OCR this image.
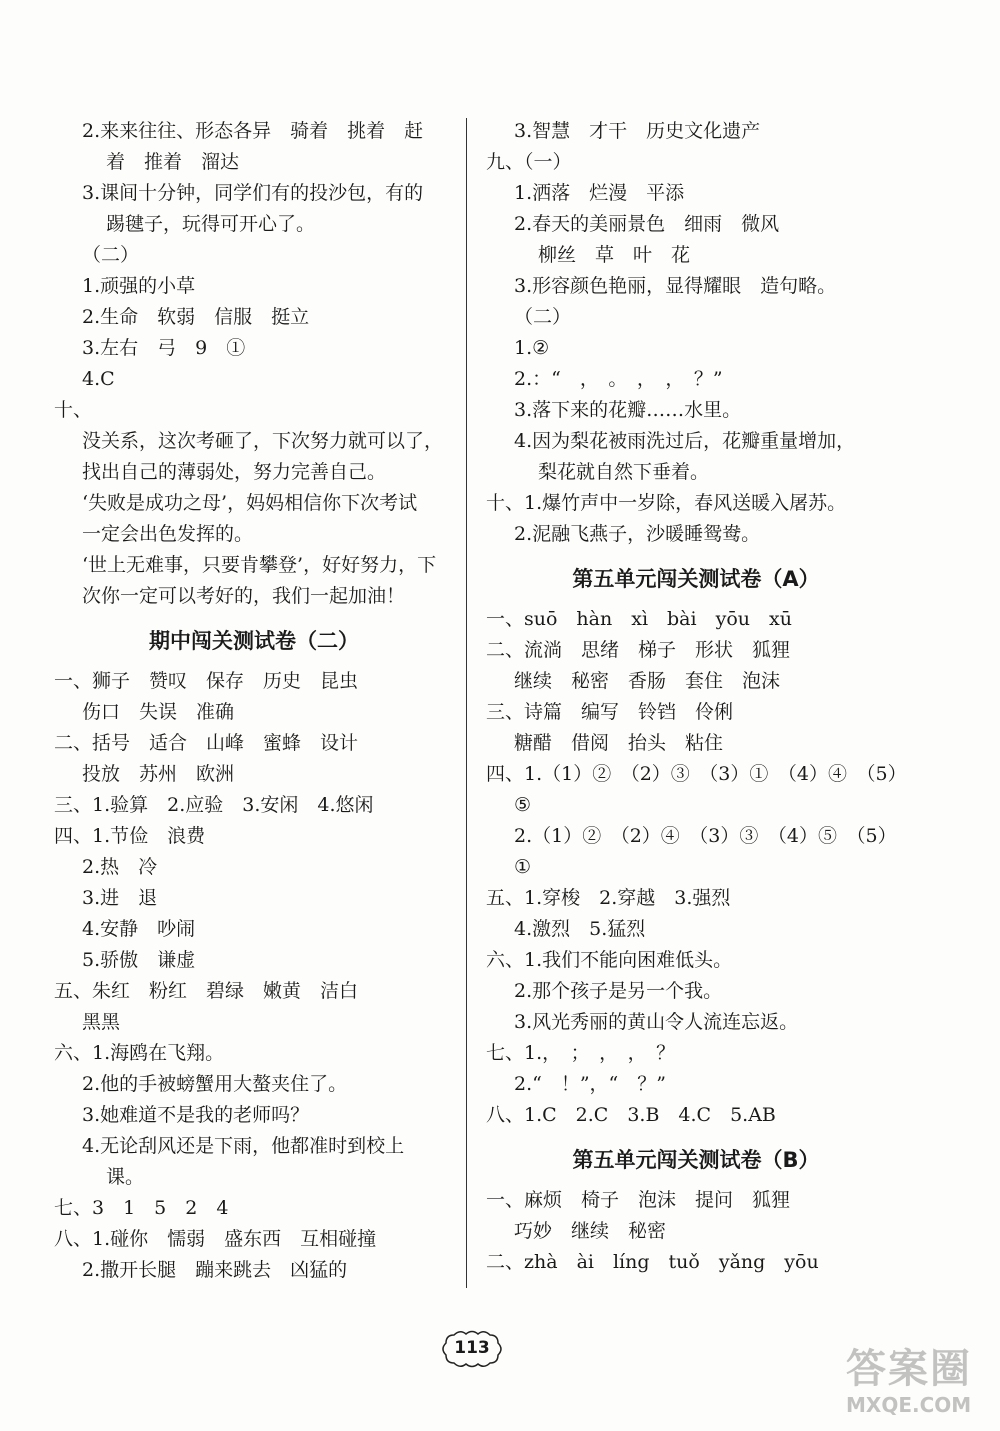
2.来来往往、形态各异　骑着　挑着　赶
着　推着　溜达
3.课间十分钟，同学们有的投沙包，有的
踢毽子，玩得可开心了。
（二）
1.顽强的小草
2.生命　软弱　信服　挺立
3.左右　弓　9　①
4.C
十、
没关系，这次考砸了，下次努力就可以了，
找出自己的薄弱处，努力完善自己。
‘失败是成功之母’，妈妈相信你下次考试
一定会出色发挥的。
‘世上无难事，只要肯攀登’，好好努力，下
次你一定可以考好的，我们一起加油！
期中闯关测试卷（二）
一、狮子　赞叹　保存　历史　昆虫
伤口　失误　准确
二、括号　适合　山峰　蜜蜂　设计
投放　苏州　欧洲
三、1.验算　2.应验　3.安闲　4.悠闲
四、1.节俭　浪费
2.热　冷
3.进　退
4.安静　吵闹
5.骄傲　谦虚
五、朱红　粉红　碧绿　嫩黄　洁白
黑黑
六、1.海鸥在飞翔。
2.他的手被螃蟹用大螯夹住了。
3.她难道不是我的老师吗？
4.无论刮风还是下雨，他都准时到校上
课。
七、3　1　5　2　4
八、1.碰你　懦弱　盛东西　互相碰撞
2.撒开长腿　蹦来跳去　凶猛的
3.智慧　才干　历史文化遗产
九、（一）
1.洒落　烂漫　平添
2.春天的美丽景色　细雨　微风
柳丝　草　叶　花
3.形容颜色艳丽，显得耀眼　造句略。
（二）
1.②
2.：“　，　。　，　，　？”
3.落下来的花瓣……水里。
4.因为梨花被雨洗过后，花瓣重量增加，
梨花就自然下垂着。
十、1.爆竹声中一岁除，春风送暖入屠苏。
2.泥融飞燕子，沙暖睡鸳鸯。
第五单元闯关测试卷（A）
一、suō　hàn　xì　bài　yōu　xū
二、流淌　思绪　梯子　形状　狐狸
继续　秘密　香肠　套住　泡沫
三、诗篇　编写　铃铛　伶俐
糖醋　借阅　抬头　粘住
四、1.（1）②　（2）③　（3）①　（4）④　（5）
⑤
2.（1）②　（2）④　（3）③　（4）⑤　（5）
①
五、1.穿梭　2.穿越　3.强烈
4.激烈　5.猛烈
六、1.我们不能向困难低头。
2.那个孩子是另一个我。
3.风光秀丽的黄山令人流连忘返。
七、1.，　；　，　，　？
2.“　！”，“　？”
八、1.C　2.C　3.B　4.C　5.AB
第五单元闯关测试卷（B）
一、麻烦　椅子　泡沫　提问　狐狸
巧妙　继续　秘密
二、zhà　ài　líng　tuǒ　yǎng　yōu
113	答案圈
MXQE.COM
